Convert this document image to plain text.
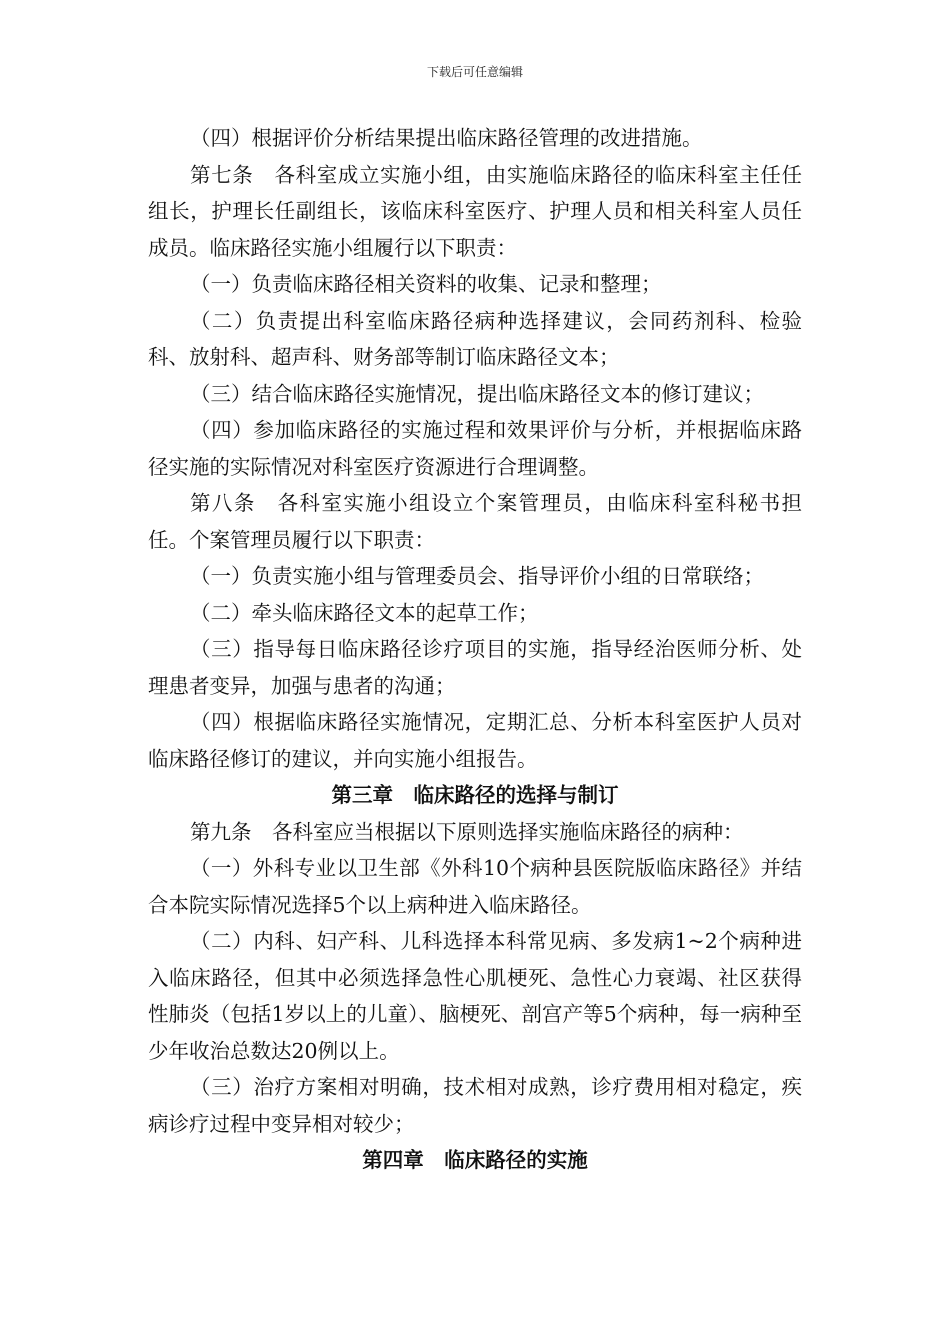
下载后可任意编辑

（四）根据评价分析结果提出临床路径管理的改进措施。

第七条　各科室成立实施小组，由实施临床路径的临床科室主任任组长，护理长任副组长，该临床科室医疗、护理人员和相关科室人员任成员。临床路径实施小组履行以下职责：

（一）负责临床路径相关资料的收集、记录和整理；

（二）负责提出科室临床路径病种选择建议，会同药剂科、检验科、放射科、超声科、财务部等制订临床路径文本；

（三）结合临床路径实施情况，提出临床路径文本的修订建议；

（四）参加临床路径的实施过程和效果评价与分析，并根据临床路径实施的实际情况对科室医疗资源进行合理调整。

第八条　各科室实施小组设立个案管理员，由临床科室科秘书担任。个案管理员履行以下职责：

（一）负责实施小组与管理委员会、指导评价小组的日常联络；

（二）牵头临床路径文本的起草工作；

（三）指导每日临床路径诊疗项目的实施，指导经治医师分析、处理患者变异，加强与患者的沟通；

（四）根据临床路径实施情况，定期汇总、分析本科室医护人员对临床路径修订的建议，并向实施小组报告。

第三章　临床路径的选择与制订

第九条　各科室应当根据以下原则选择实施临床路径的病种：

（一）外科专业以卫生部《外科10个病种县医院版临床路径》并结合本院实际情况选择5个以上病种进入临床路径。

（二）内科、妇产科、儿科选择本科常见病、多发病1~2个病种进入临床路径，但其中必须选择急性心肌梗死、急性心力衰竭、社区获得性肺炎（包括1岁以上的儿童）、脑梗死、剖宫产等5个病种，每一病种至少年收治总数达20例以上。

（三）治疗方案相对明确，技术相对成熟，诊疗费用相对稳定，疾病诊疗过程中变异相对较少；

第四章　临床路径的实施
